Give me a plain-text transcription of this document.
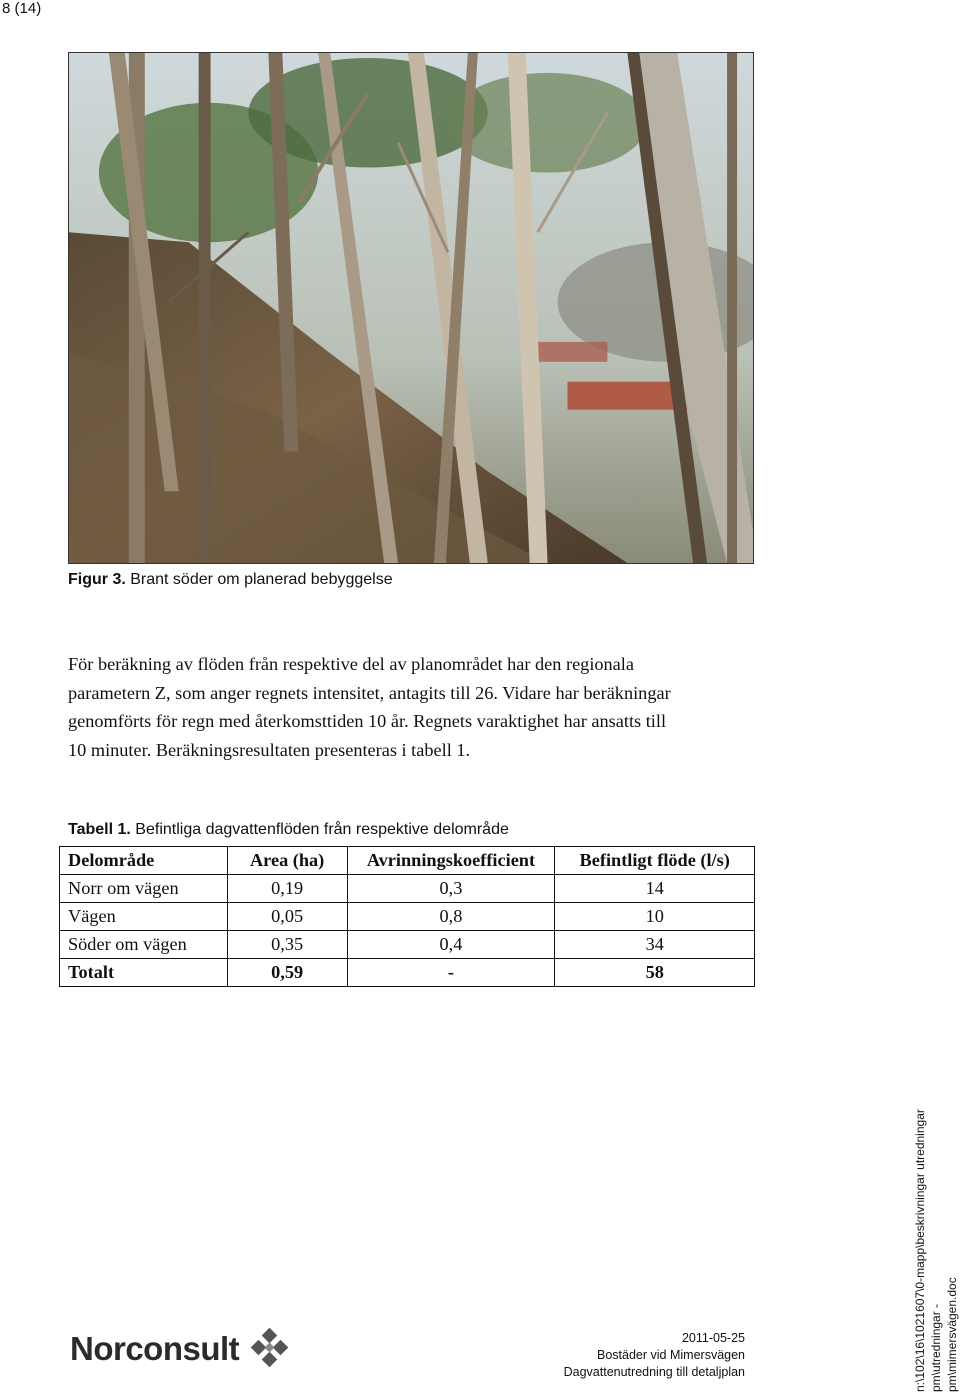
8 (14)
Figur 3. Brant söder om planerad bebyggelse
För beräkning av flöden från respektive del av planområdet har den regionala
parametern Z, som anger regnets intensitet, antagits till 26. Vidare har beräkningar
genomförts för regn med återkomsttiden 10 år. Regnets varaktighet har ansatts till
10 minuter. Beräkningsresultaten presenteras i tabell 1.
Tabell 1. Befintliga dagvattenflöden från respektive delområde
Delområde	Area (ha)	Avrinningskoefficient	Befintligt flöde (l/s)
Norr om vägen	0,19	0,3	14
Vägen	0,05	0,8	10
Söder om vägen	0,35	0,4	34
Totalt	0,59	-	58
Norconsult	2011-05-25
Bostäder vid Mimersvägen
Dagvattenutredning till detaljplan	n:\102\16\1021607\0-mapp\beskrivningar utredningar pm\utredningar - pm\mimersvägen.doc
